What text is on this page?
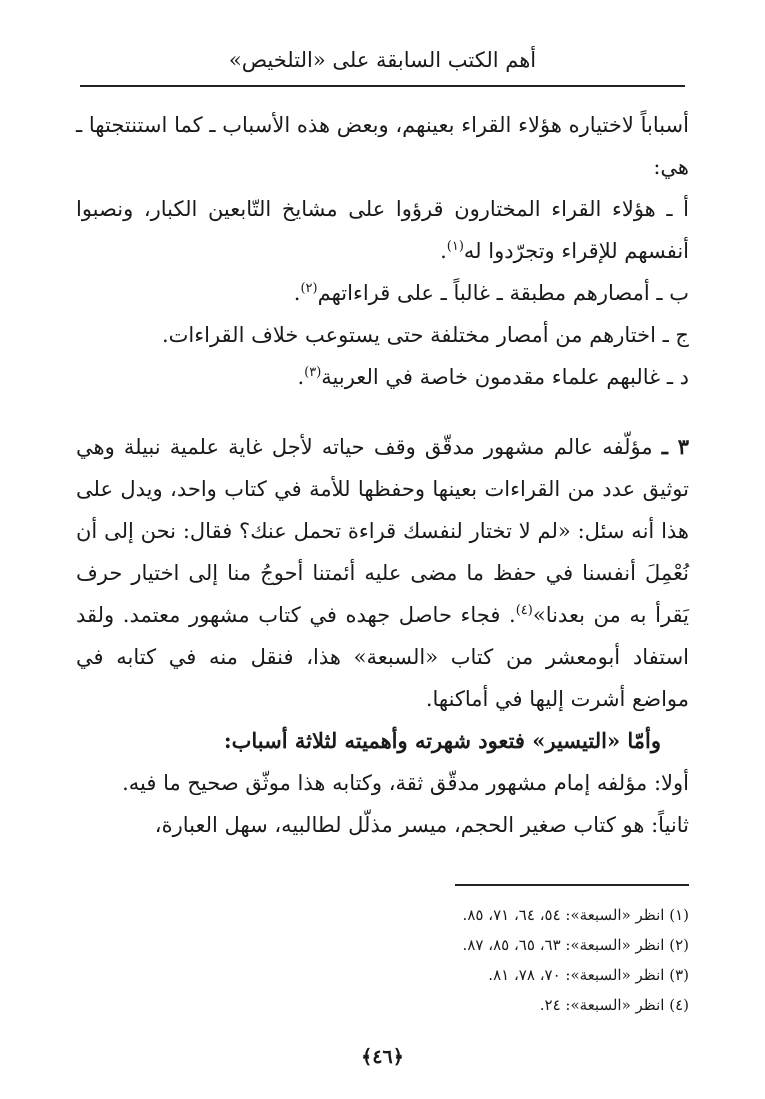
أهم الكتب السابقة على «التلخيص»

أسباباً لاختياره هؤلاء القراء بعينهم، وبعض هذه الأسباب ـ كما استنتجتها ـ هي:

أ ـ هؤلاء القراء المختارون قرؤوا على مشايخ التّابعين الكبار، ونصبوا أنفسهم للإقراء وتجرّدوا له$^{(١)}$.

ب ـ أمصارهم مطبقة ـ غالباً ـ على قراءاتهم$^{(٢)}$.

ج ـ اختارهم من أمصار مختلفة حتى يستوعب خلاف القراءات.

د ـ غالبهم علماء مقدمون خاصة في العربية$^{(٣)}$.

٣ ـ مؤلّفه عالم مشهور مدقّق وقف حياته لأجل غاية علمية نبيلة وهي توثيق عدد من القراءات بعينها وحفظها للأمة في كتاب واحد، ويدل على هذا أنه سئل: «لم لا تختار لنفسك قراءة تحمل عنك؟ فقال: نحن إلى أن نُعْمِلَ أنفسنا في حفظ ما مضى عليه أئمتنا أحوجُ منا إلى اختيار حرف يَقرأ به من بعدنا»$^{(٤)}$. فجاء حاصل جهده في كتاب مشهور معتمد. ولقد استفاد أبومعشر من كتاب «السبعة» هذا، فنقل منه في كتابه في مواضع أشرت إليها في أماكنها.

وأمّا «التيسير» فتعود شهرته وأهميته لثلاثة أسباب:

أولا: مؤلفه إمام مشهور مدقّق ثقة، وكتابه هذا موثّق صحيح ما فيه.

ثانياً: هو كتاب صغير الحجم، ميسر مذلّل لطالبيه، سهل العبارة،

(١) انظر «السبعة»: ٥٤، ٦٤، ٧١، ٨٥.

(٢) انظر «السبعة»: ٦٣، ٦٥، ٨٥، ٨٧.

(٣) انظر «السبعة»: ٧٠، ٧٨، ٨١.

(٤) انظر «السبعة»: ٢٤.

﴿٤٦﴾
